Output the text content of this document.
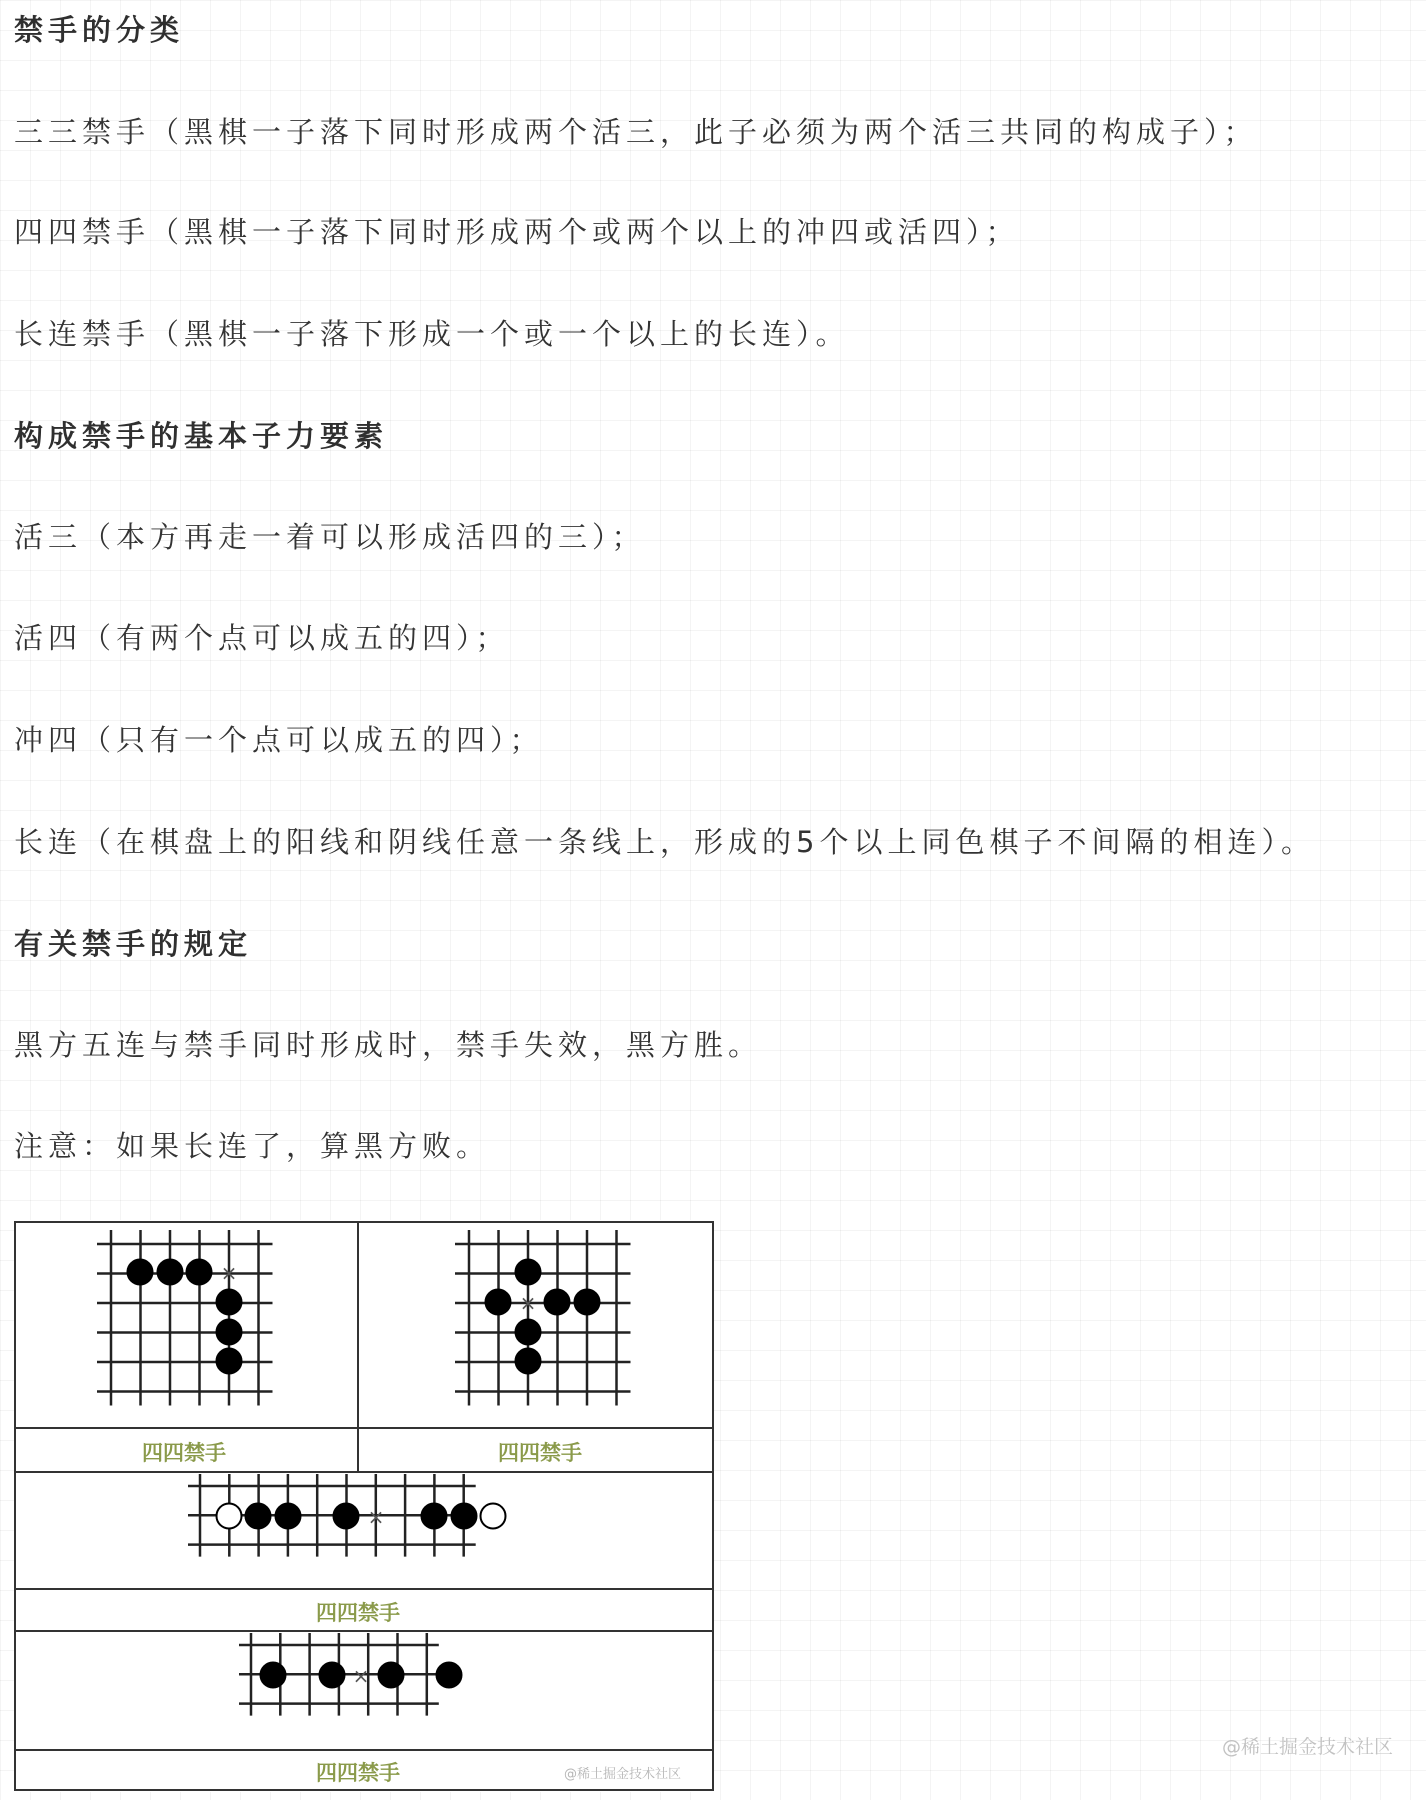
禁手的分类
三三禁手（黑棋一子落下同时形成两个活三，此子必须为两个活三共同的构成子）；
四四禁手（黑棋一子落下同时形成两个或两个以上的冲四或活四）；
长连禁手（黑棋一子落下形成一个或一个以上的长连）。
构成禁手的基本子力要素
活三（本方再走一着可以形成活四的三）；
活四（有两个点可以成五的四）；
冲四（只有一个点可以成五的四）；
长连（在棋盘上的阳线和阴线任意一条线上，形成的5个以上同色棋子不间隔的相连）。
有关禁手的规定
黑方五连与禁手同时形成时，禁手失效，黑方胜。
注意：如果长连了，算黑方败。
×
×
×
×
四四禁手	四四禁手
四四禁手
四四禁手	@稀土掘金技术社区
@稀土掘金技术社区
